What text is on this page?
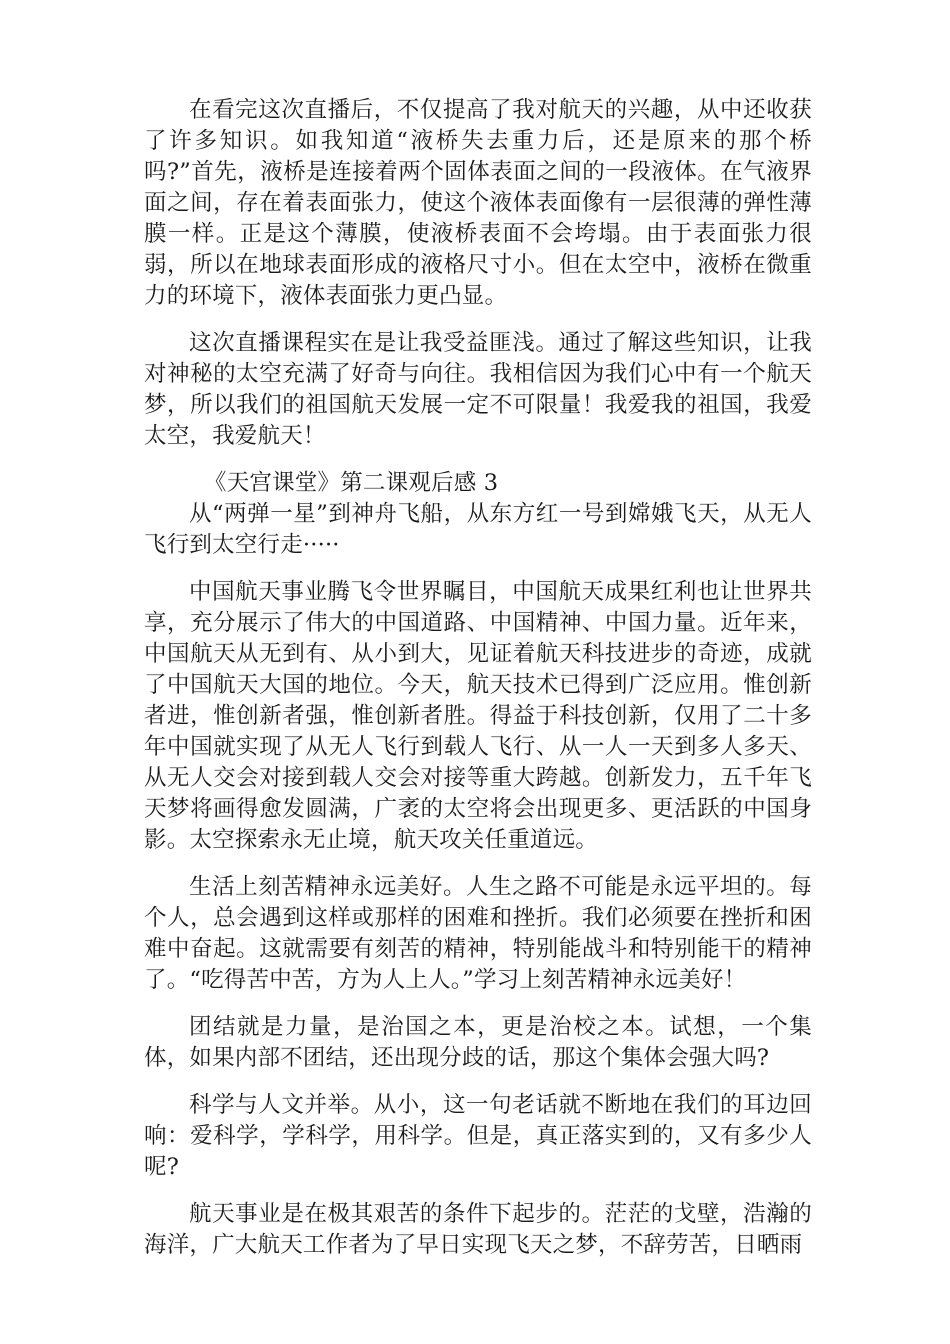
在看完这次直播后，不仅提高了我对航天的兴趣，从中还收获了许多知识。如我知道“液桥失去重力后，还是原来的那个桥吗?”首先，液桥是连接着两个固体表面之间的一段液体。在气液界面之间，存在着表面张力，使这个液体表面像有一层很薄的弹性薄膜一样。正是这个薄膜，使液桥表面不会垮塌。由于表面张力很弱，所以在地球表面形成的液格尺寸小。但在太空中，液桥在微重力的环境下，液体表面张力更凸显。

这次直播课程实在是让我受益匪浅。通过了解这些知识，让我对神秘的太空充满了好奇与向往。我相信因为我们心中有一个航天梦，所以我们的祖国航天发展一定不可限量！我爱我的祖国，我爱太空，我爱航天！

《天宫课堂》第二课观后感 3

从“两弹一星”到神舟飞船，从东方红一号到嫦娥飞天，从无人飞行到太空行走·····

中国航天事业腾飞令世界瞩目，中国航天成果红利也让世界共享，充分展示了伟大的中国道路、中国精神、中国力量。近年来，中国航天从无到有、从小到大，见证着航天科技进步的奇迹，成就了中国航天大国的地位。今天，航天技术已得到广泛应用。惟创新者进，惟创新者强，惟创新者胜。得益于科技创新，仅用了二十多年中国就实现了从无人飞行到载人飞行、从一人一天到多人多天、从无人交会对接到载人交会对接等重大跨越。创新发力，五千年飞天梦将画得愈发圆满，广袤的太空将会出现更多、更活跃的中国身影。太空探索永无止境，航天攻关任重道远。

生活上刻苦精神永远美好。人生之路不可能是永远平坦的。每个人，总会遇到这样或那样的困难和挫折。我们必须要在挫折和困难中奋起。这就需要有刻苦的精神，特别能战斗和特别能干的精神了。“吃得苦中苦，方为人上人。”学习上刻苦精神永远美好！

团结就是力量，是治国之本，更是治校之本。试想，一个集体，如果内部不团结，还出现分歧的话，那这个集体会强大吗?

科学与人文并举。从小，这一句老话就不断地在我们的耳边回响：爱科学，学科学，用科学。但是，真正落实到的，又有多少人呢?

航天事业是在极其艰苦的条件下起步的。茫茫的戈壁，浩瀚的海洋，广大航天工作者为了早日实现飞天之梦，不辞劳苦，日晒雨
